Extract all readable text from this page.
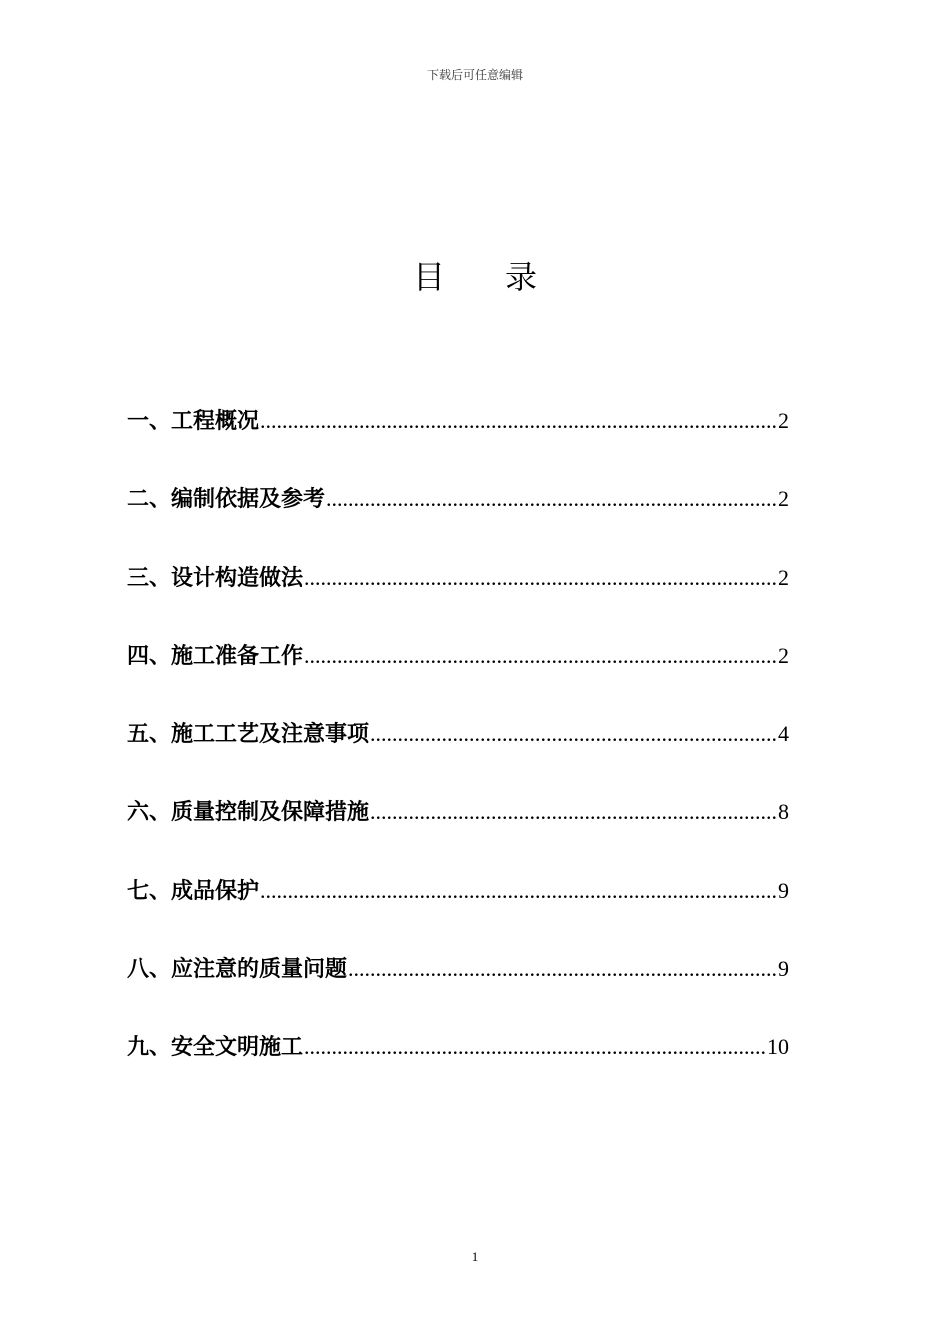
下载后可任意编辑
目 录
一、工程概况 .....	2
二、编制依据及参考 .....	2
三、设计构造做法 .....	2
四、施工准备工作 .....	2
五、施工工艺及注意事项 .....	4
六、质量控制及保障措施 .....	8
七、成品保护 .....	9
八、应注意的质量问题 .....	9
九、安全文明施工 .....	10
1
